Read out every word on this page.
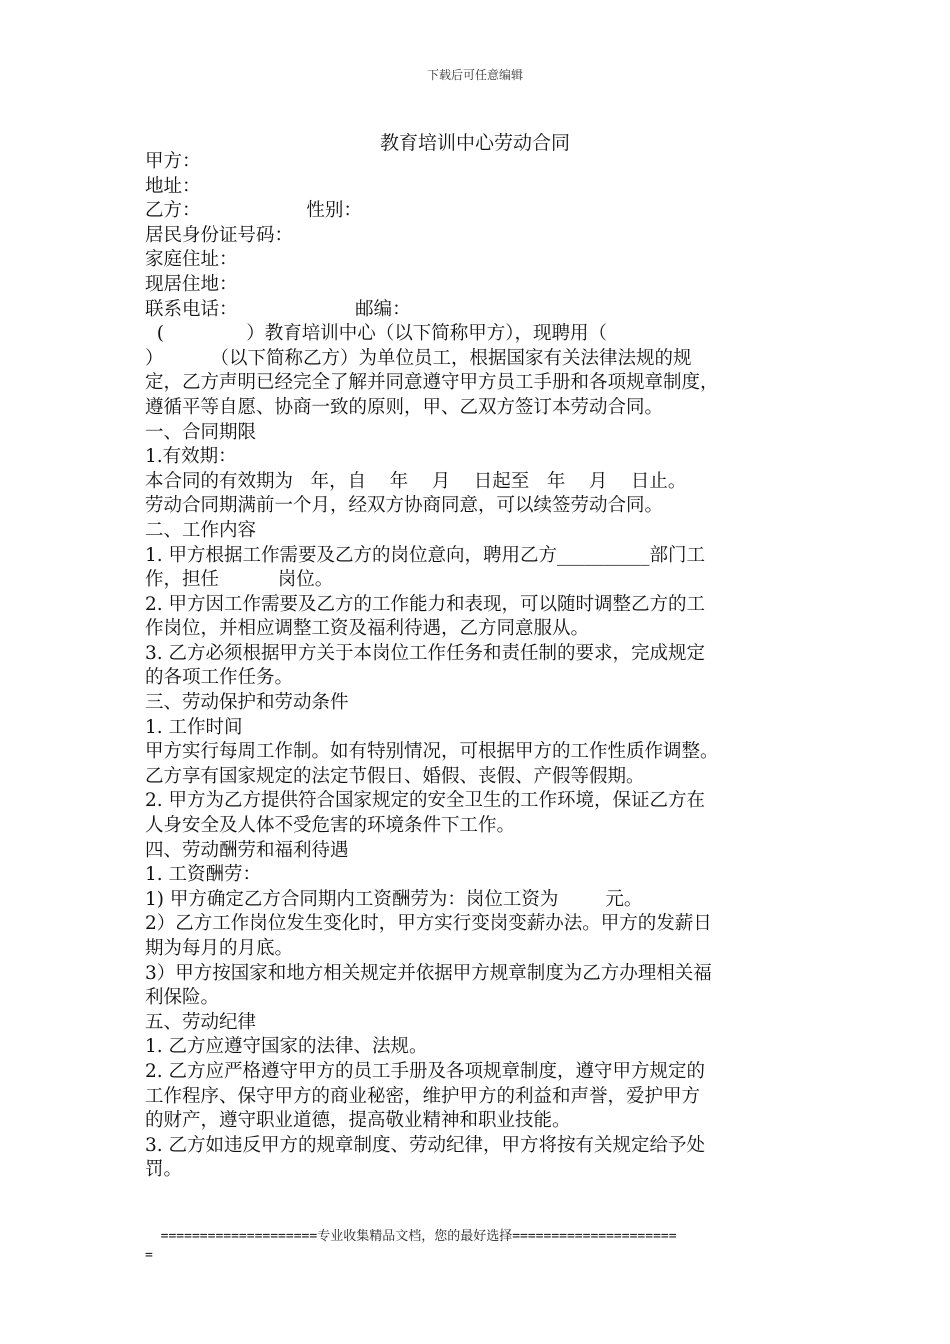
下载后可任意编辑
教育培训中心劳动合同
甲方：
地址：
乙方：                  性别：
居民身份证号码：
家庭住址：
现居住地：
联系电话：                    邮编：
(              ）教育培训中心（以下简称甲方），现聘用（
）        （以下简称乙方）为单位员工，根据国家有关法律法规的规
定，乙方声明已经完全了解并同意遵守甲方员工手册和各项规章制度，
遵循平等自愿、协商一致的原则，甲、乙双方签订本劳动合同。
一、合同期限
1.有效期：
本合同的有效期为   年，自    年    月    日起至   年    月    日止。
劳动合同期满前一个月，经双方协商同意，可以续签劳动合同。
二、工作内容
1. 甲方根据工作需要及乙方的岗位意向，聘用乙方__________部门工
作，担任          岗位。
2. 甲方因工作需要及乙方的工作能力和表现，可以随时调整乙方的工
作岗位，并相应调整工资及福利待遇，乙方同意服从。
3. 乙方必须根据甲方关于本岗位工作任务和责任制的要求，完成规定
的各项工作任务。
三、劳动保护和劳动条件
1. 工作时间
甲方实行每周工作制。如有特别情况，可根据甲方的工作性质作调整。
乙方享有国家规定的法定节假日、婚假、丧假、产假等假期。
2. 甲方为乙方提供符合国家规定的安全卫生的工作环境，保证乙方在
人身安全及人体不受危害的环境条件下工作。
四、劳动酬劳和福利待遇
1. 工资酬劳：
1) 甲方确定乙方合同期内工资酬劳为：岗位工资为        元。
2）乙方工作岗位发生变化时，甲方实行变岗变薪办法。甲方的发薪日
期为每月的月底。
3）甲方按国家和地方相关规定并依据甲方规章制度为乙方办理相关福
利保险。
五、劳动纪律
1. 乙方应遵守国家的法律、法规。
2. 乙方应严格遵守甲方的员工手册及各项规章制度，遵守甲方规定的
工作程序、保守甲方的商业秘密，维护甲方的利益和声誉，爱护甲方
的财产，遵守职业道德，提高敬业精神和职业技能。
3. 乙方如违反甲方的规章制度、劳动纪律，甲方将按有关规定给予处
罚。
====================专业收集精品文档，您的最好选择=====================
=
